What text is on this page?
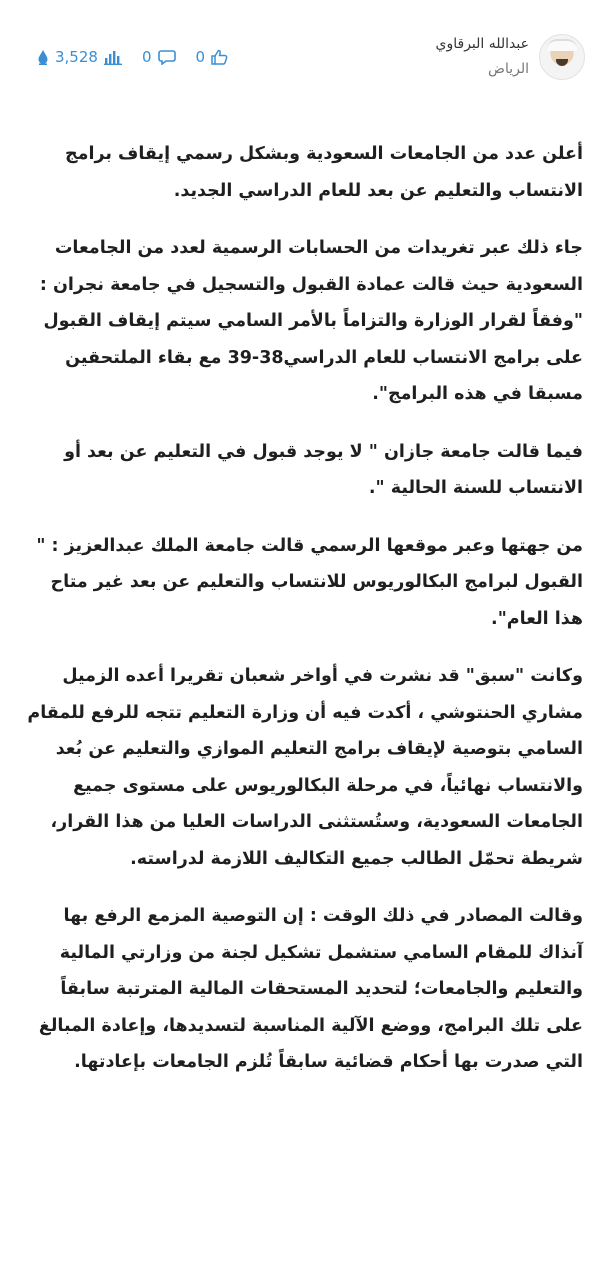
عبدالله البرقاوي
الرياض
3,528	0	0

أعلن عدد من الجامعات السعودية وبشكل رسمي إيقاف برامج الانتساب والتعليم عن بعد للعام الدراسي الجديد.

جاء ذلك عبر تغريدات من الحسابات الرسمية لعدد من الجامعات السعودية حيث قالت عمادة القبول والتسجيل في جامعة نجران : "وفقاً لقرار الوزارة والتزاماً بالأمر السامي سيتم إيقاف القبول على برامج الانتساب للعام الدراسي38-39 مع بقاء الملتحقين مسبقا في هذه البرامج".

فيما قالت جامعة جازان " لا يوجد قبول في التعليم عن بعد أو الانتساب للسنة الحالية ".

من جهتها وعبر موقعها الرسمي قالت جامعة الملك عبدالعزيز : " القبول لبرامج البكالوريوس للانتساب والتعليم عن بعد غير متاح هذا العام".

وكانت "سبق" قد نشرت في أواخر شعبان تقريرا أعده الزميل مشاري الحنتوشي ، أكدت فيه أن وزارة التعليم تتجه للرفع للمقام السامي بتوصية لإيقاف برامج التعليم الموازي والتعليم عن بُعد والانتساب نهائياً، في مرحلة البكالوريوس على مستوى جميع الجامعات السعودية، وستُستثنى الدراسات العليا من هذا القرار، شريطة تحمّل الطالب جميع التكاليف اللازمة لدراسته.

وقالت المصادر في ذلك الوقت : إن التوصية المزمع الرفع بها آنذاك للمقام السامي ستشمل تشكيل لجنة من وزارتي المالية والتعليم والجامعات؛ لتحديد المستحقات المالية المترتبة سابقاً على تلك البرامج، ووضع الآلية المناسبة لتسديدها، وإعادة المبالغ التي صدرت بها أحكام قضائية سابقاً تُلزم الجامعات بإعادتها.
